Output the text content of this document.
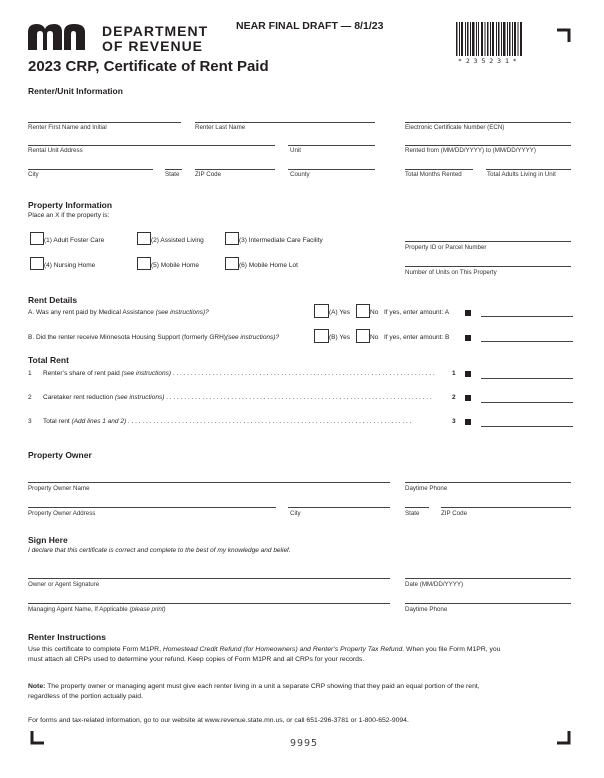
DEPARTMENT
OF REVENUE
NEAR FINAL DRAFT — 8/1/23
* 2 3 5 2 3 1 *
2023 CRP, Certificate of Rent Paid
Renter/Unit Information
Renter First Name and Initial	Renter Last Name	Electronic Certificate Number (ECN)
Rental Unit Address	Unit	Rented from (MM/DD/YYYY) to (MM/DD/YYYY)
City	State	ZIP Code	County	Total Months Rented	Total Adults Living in Unit
Property Information
Place an X if the property is:
(1) Adult Foster Care	(2) Assisted Living	(3) Intermediate Care Facility
(4) Nursing Home	(5) Mobile Home	(6) Mobile Home Lot
Property ID or Parcel Number
Number of Units on This Property
Rent Details
A. Was any rent paid by Medical Assistance (see instructions)?	(A) Yes	No If yes, enter amount: A
B. Did the renter receive Minnesota Housing Support (formerly GRH)(see instructions)?	(B) Yes	No If yes, enter amount: B
Total Rent
1 Renter’s share of rent paid (see instructions) . . . . . . . . . . . . . . . . . . . . . . . . . . . . . . . . . . . . . . . . . . . . . . . . . . . . . . . . . . . . . . . . . . . . . . . . .	1
2 Caretaker rent reduction (see instructions) . . . . . . . . . . . . . . . . . . . . . . . . . . . . . . . . . . . . . . . . . . . . . . . . . . . . . . . . . . . . . . . . . . . . . . . . . .	2
3 Total rent (Add lines 1 and 2) . . . . . . . . . . . . . . . . . . . . . . . . . . . . . . . . . . . . . . . . . . . . . . . . . . . . . . . . . . . . . . . . . . . . . . . . . . . . . . .	3
Property Owner
Property Owner Name	Daytime Phone
Property Owner Address	City	State	ZIP Code
Sign Here
I declare that this certificate is correct and complete to the best of my knowledge and belief.
Owner or Agent Signature	Date (MM/DD/YYYY)
Managing Agent Name, If Applicable (please print)	Daytime Phone
Renter Instructions
Use this certificate to complete Form M1PR, Homestead Credit Refund (for Homeowners) and Renter’s Property Tax Refund. When you file Form M1PR, you
must attach all CRPs used to determine your refund. Keep copies of Form M1PR and all CRPs for your records.
Note: The property owner or managing agent must give each renter living in a unit a separate CRP showing that they paid an equal portion of the rent,
regardless of the portion actually paid.
For forms and tax-related information, go to our website at www.revenue.state.mn.us, or call 651-296-3781 or 1-800-652-9094.
9995
